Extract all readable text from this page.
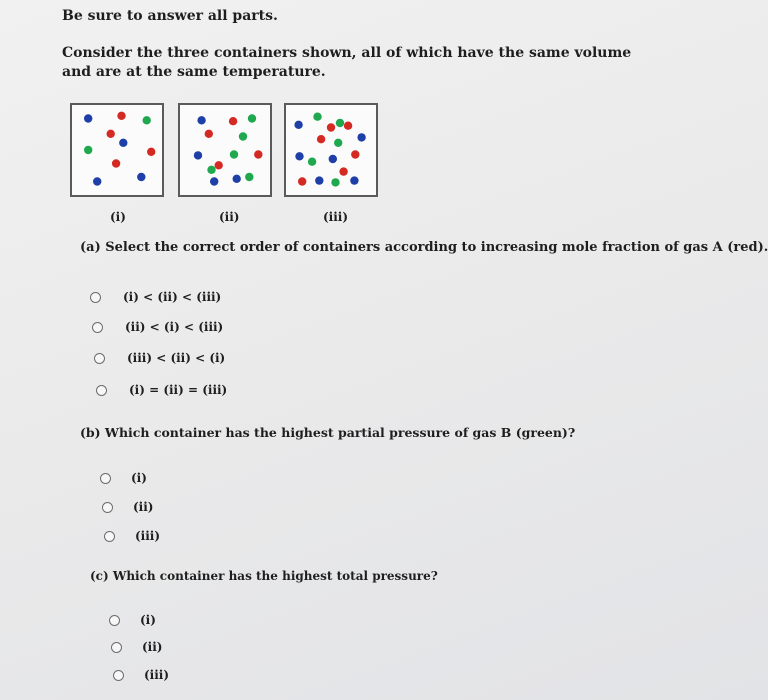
Be sure to answer all parts.
Consider the three containers shown, all of which have the same volume and are at the same temperature.
(i)	(ii)	(iii)
(a) Select the correct order of containers according to increasing mole fraction of gas A (red).
(i) < (ii) < (iii)
(ii) < (i) < (iii)
(iii) < (ii) < (i)
(i) = (ii) = (iii)
(b) Which container has the highest partial pressure of gas B (green)?
(i)
(ii)
(iii)
(c) Which container has the highest total pressure?
(i)
(ii)
(iii)
